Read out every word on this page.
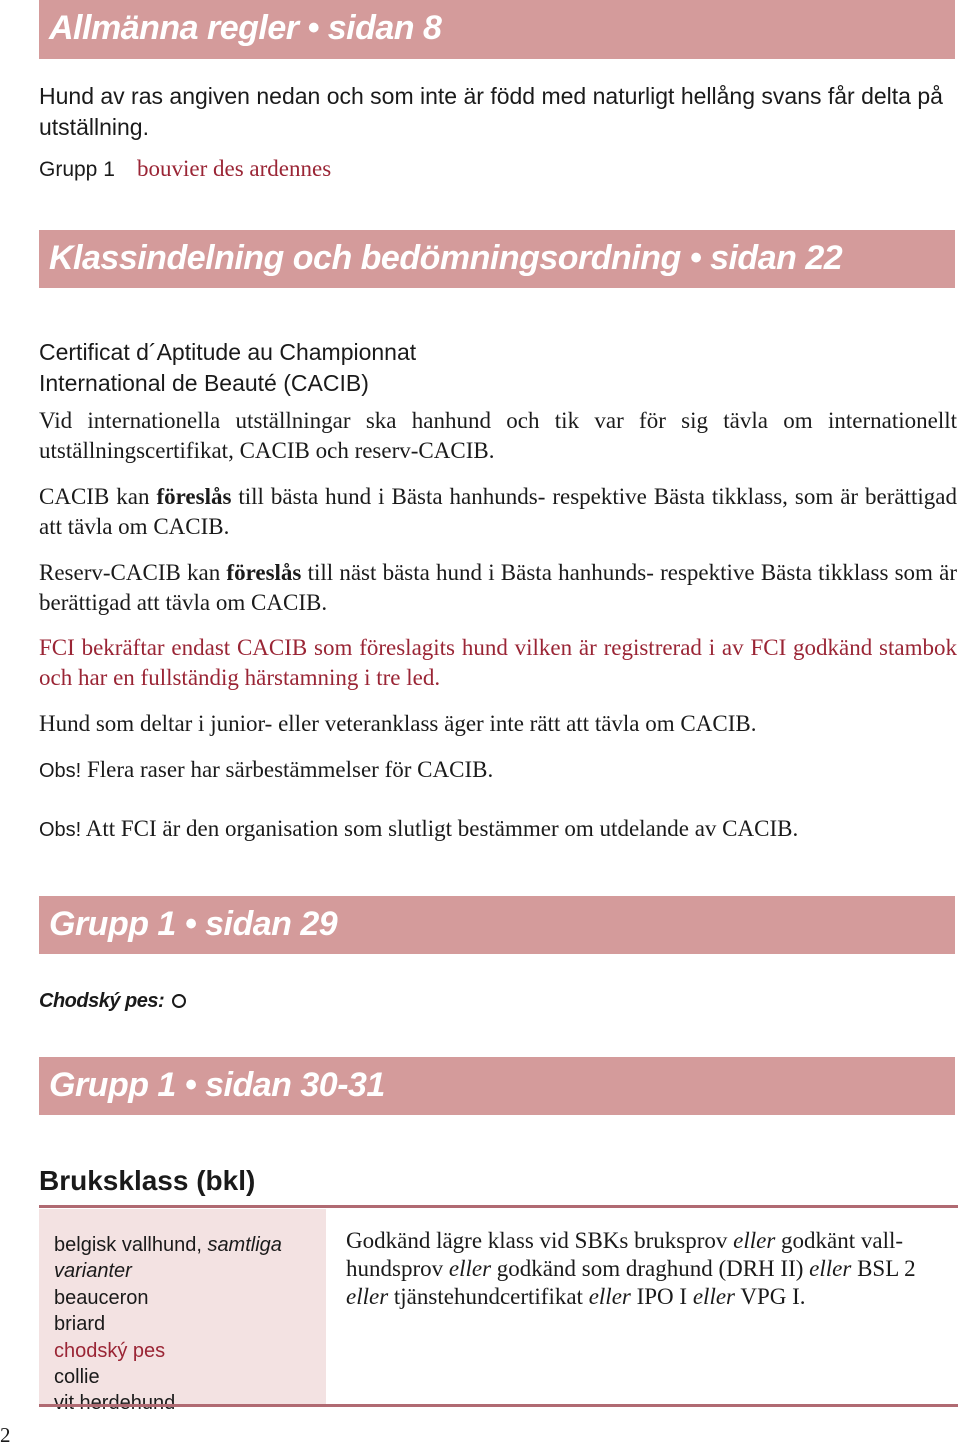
Allmänna regler • sidan 8

Hund av ras angiven nedan och som inte är född med naturligt hellång svans får delta på utställning.

Grupp 1 bouvier des ardennes
Klassindelning och bedömningsordning • sidan 22
Certificat d´Aptitude au Championnat
International de Beauté (CACIB)

Vid internationella utställningar ska hanhund och tik var för sig tävla om internationellt utställningscertifikat, CACIB och reserv-CACIB.

CACIB kan föreslås till bästa hund i Bästa hanhunds- respektive Bästa tikklass, som är berättigad att tävla om CACIB.

Reserv-CACIB kan föreslås till näst bästa hund i Bästa hanhunds- respektive Bästa tikklass som är berättigad att tävla om CACIB.

FCI bekräftar endast CACIB som föreslagits hund vilken är registrerad i av FCI godkänd stambok och har en fullständig härstamning i tre led.

Hund som deltar i junior- eller veteranklass äger inte rätt att tävla om CACIB.

Obs! Flera raser har särbestämmelser för CACIB.

Obs! Att FCI är den organisation som slutligt bestämmer om utdelande av CACIB.

Grupp 1 • sidan 29
Chodský pes:
Grupp 1 • sidan 30-31
Bruksklass (bkl)
belgisk vallhund, samtliga varianter
beauceron
briard
chodský pes
collie
Godkänd lägre klass vid SBKs bruksprov eller godkänt vall-
hundsprov eller godkänd som draghund (DRH II) eller BSL 2
eller tjänstehundcertifikat eller IPO I eller VPG I.
2
